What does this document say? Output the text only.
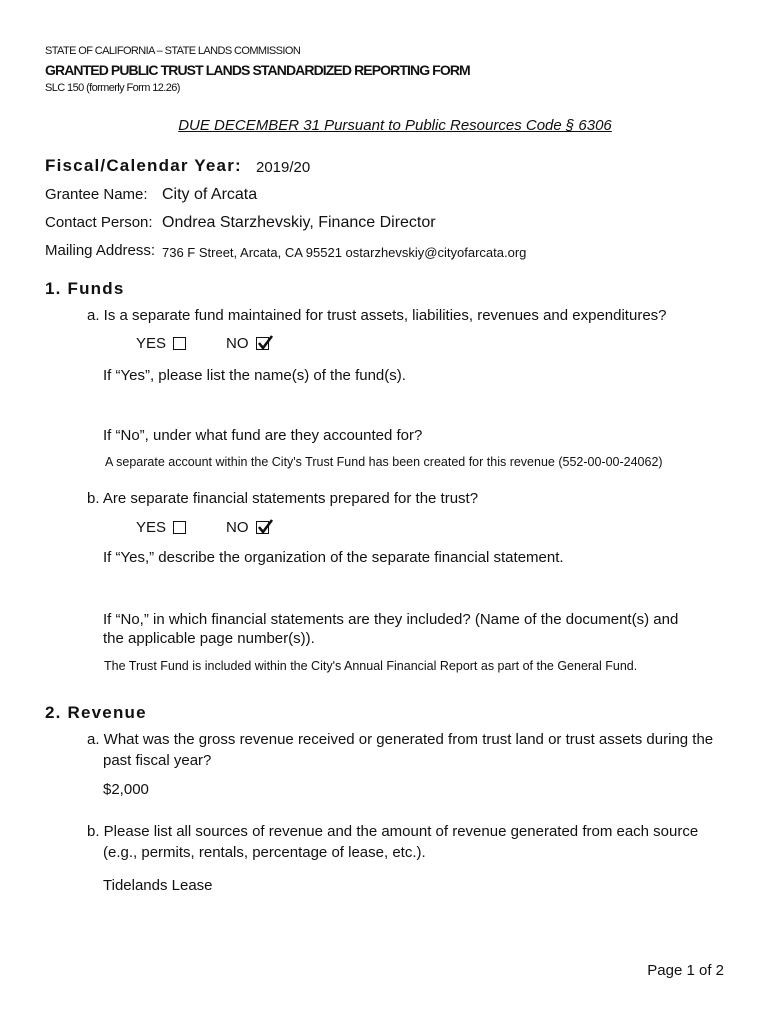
STATE OF CALIFORNIA – STATE LANDS COMMISSION
GRANTED PUBLIC TRUST LANDS STANDARDIZED REPORTING FORM
SLC 150 (formerly Form 12.26)
DUE DECEMBER 31 Pursuant to Public Resources Code § 6306
Fiscal/Calendar Year: 2019/20
Grantee Name: City of Arcata
Contact Person: Ondrea Starzhevskiy, Finance Director
Mailing Address: 736 F Street, Arcata, CA 95521 ostarzhevskiy@cityofarcata.org
1. Funds
a. Is a separate fund maintained for trust assets, liabilities, revenues and expenditures?
YES	NO
If “Yes”, please list the name(s) of the fund(s).
If “No”, under what fund are they accounted for?
A separate account within the City's Trust Fund has been created for this revenue (552-00-00-24062)
b. Are separate financial statements prepared for the trust?
YES	NO
If “Yes,” describe the organization of the separate financial statement.
If “No,” in which financial statements are they included? (Name of the document(s) and
the applicable page number(s)).
The Trust Fund is included within the City's Annual Financial Report as part of the General Fund.
2. Revenue
a. What was the gross revenue received or generated from trust land or trust assets during the
past fiscal year?
$2,000
b. Please list all sources of revenue and the amount of revenue generated from each source
(e.g., permits, rentals, percentage of lease, etc.).
Tidelands Lease
Page 1 of 2
